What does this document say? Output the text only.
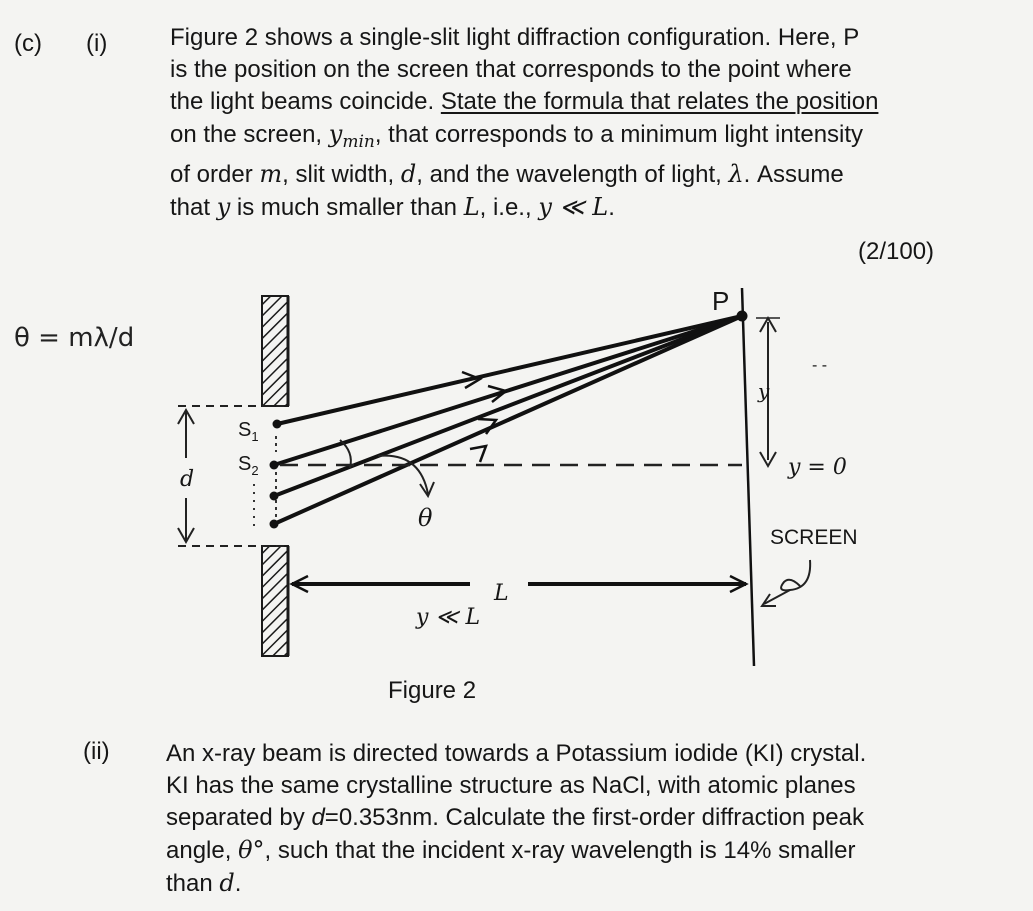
(c) (i)	Figure 2 shows a single-slit light diffraction configuration. Here, P
is the position on the screen that corresponds to the point where
the light beams coincide. State the formula that relates the position
on the screen, $y_{min}$, that corresponds to a minimum light intensity
of order m, slit width, d, and the wavelength of light, λ. Assume
that y is much smaller than L, i.e., y ≪ L.
(2/100)
d
$S_1$
$S_2$
θ
P
y
y = 0
- -
SCREEN
L
y ≪ L
Figure 2
θ = mλ/d
(ii) An x-ray beam is directed towards a Potassium iodide (KI) crystal.
KI has the same crystalline structure as NaCl, with atomic planes
separated by d=0.353nm. Calculate the first-order diffraction peak
angle, θ°, such that the incident x-ray wavelength is 14% smaller
than d.
